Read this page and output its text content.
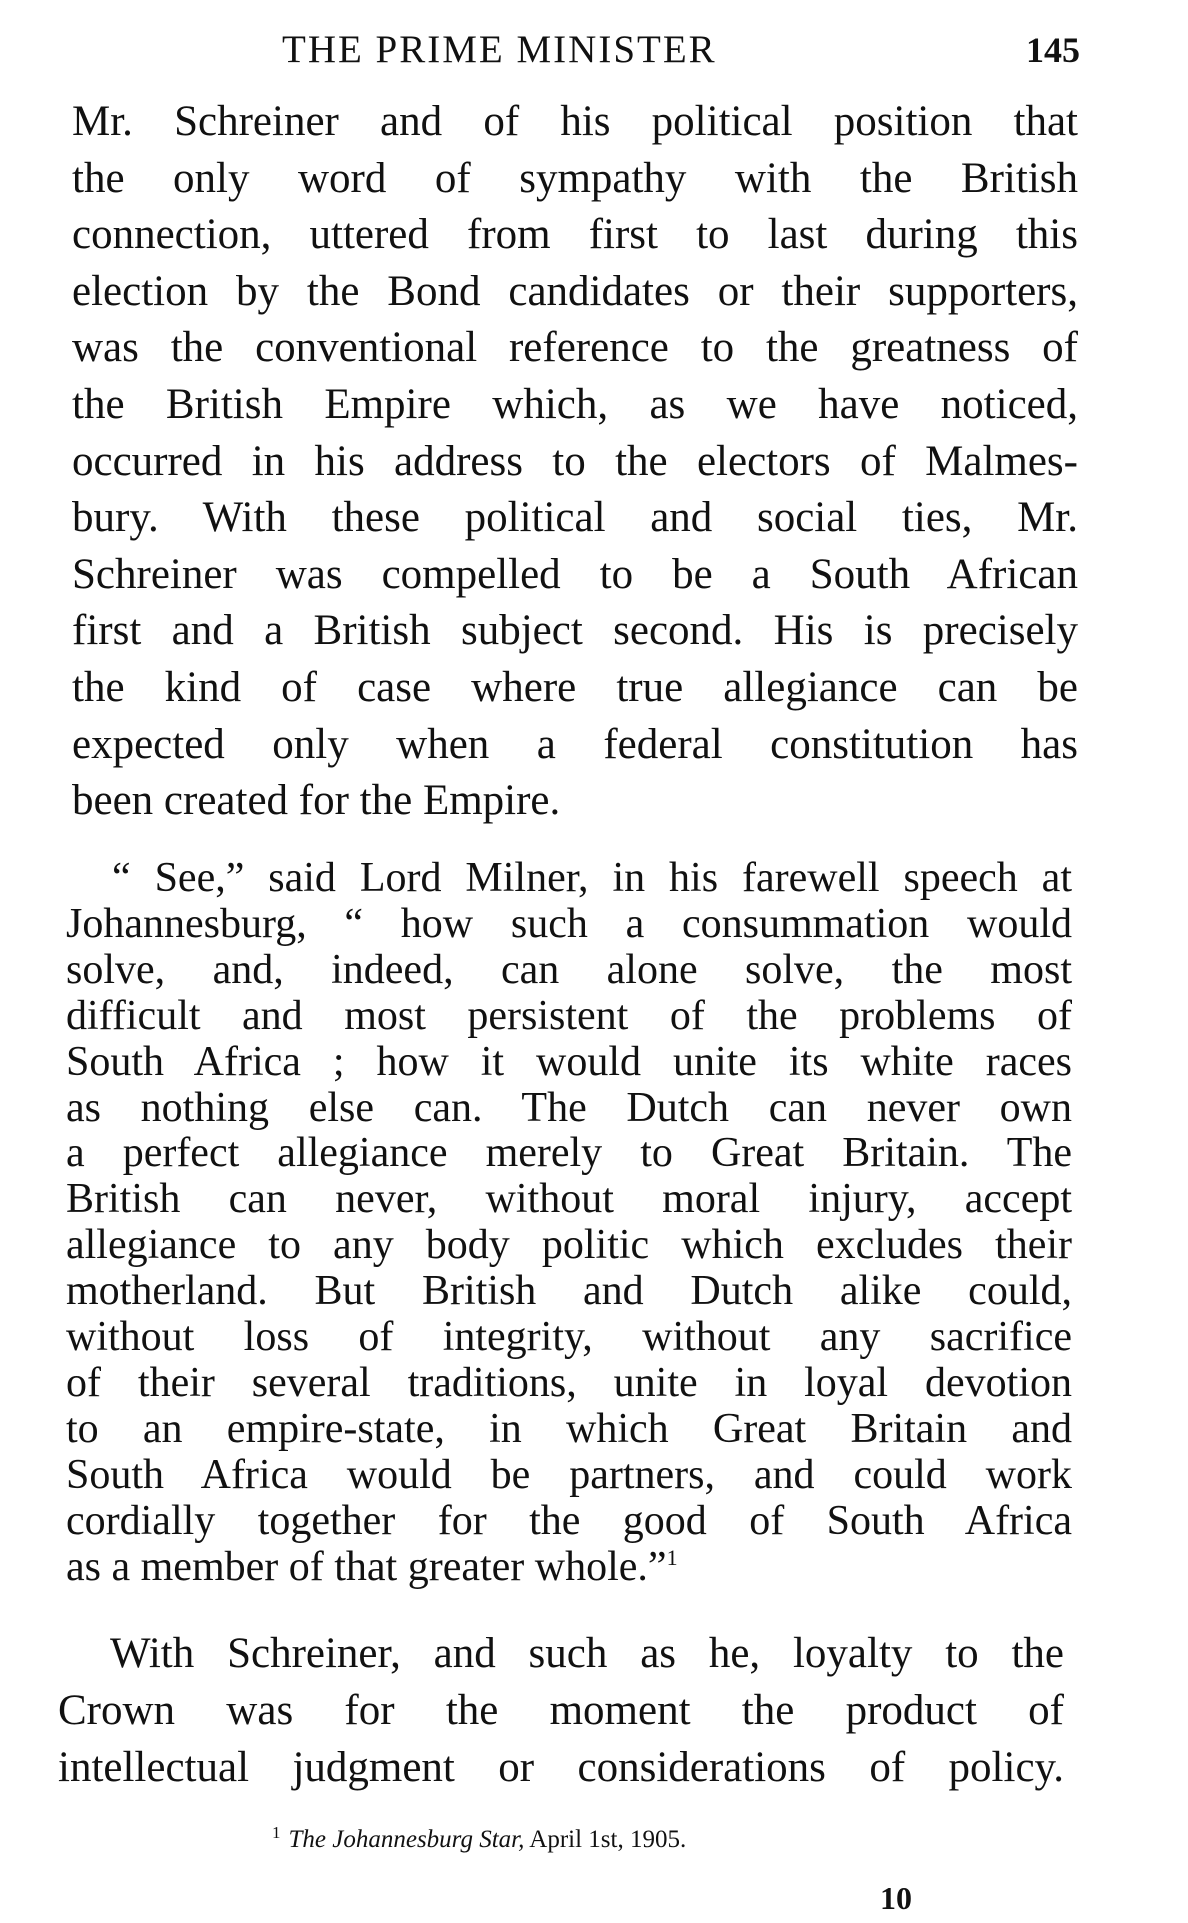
THE PRIME MINISTER	145
Mr. Schreiner and of his political position that
the only word of sympathy with the British
connection, uttered from first to last during this
election by the Bond candidates or their supporters,
was the conventional reference to the greatness of
the British Empire which, as we have noticed,
occurred in his address to the electors of Malmes-
bury. With these political and social ties, Mr.
Schreiner was compelled to be a South African
first and a British subject second. His is precisely
the kind of case where true allegiance can be
expected only when a federal constitution has
been created for the Empire.
“ See,” said Lord Milner, in his farewell speech at
Johannesburg, “ how such a consummation would
solve, and, indeed, can alone solve, the most
difficult and most persistent of the problems of
South Africa ; how it would unite its white races
as nothing else can. The Dutch can never own
a perfect allegiance merely to Great Britain. The
British can never, without moral injury, accept
allegiance to any body politic which excludes their
motherland. But British and Dutch alike could,
without loss of integrity, without any sacrifice
of their several traditions, unite in loyal devotion
to an empire-state, in which Great Britain and
South Africa would be partners, and could work
cordially together for the good of South Africa
as a member of that greater whole.”$^1$
With Schreiner, and such as he, loyalty to the
Crown was for the moment the product of
intellectual judgment or considerations of policy.
$^1$ The Johannesburg Star, April 1st, 1905.
10
